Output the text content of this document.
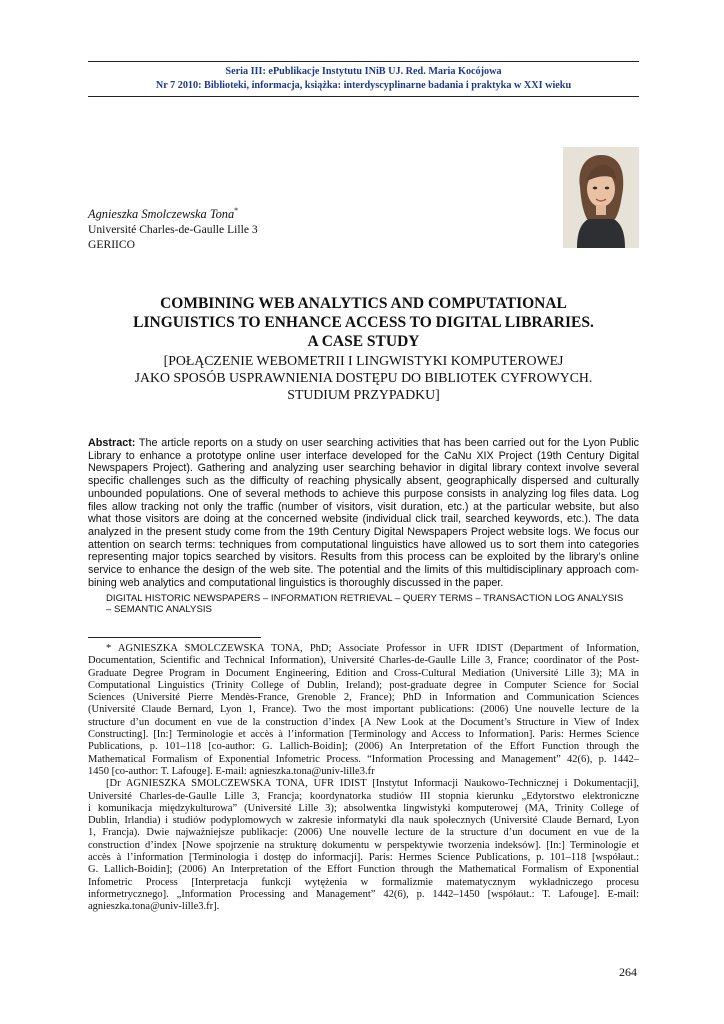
Seria III: ePublikacje Instytutu INiB UJ. Red. Maria Kocójowa
Nr 7 2010: Biblioteki, informacja, książka: interdyscyplinarne badania i praktyka w XXI wieku
Agnieszka Smolczewska Tona*
Université Charles-de-Gaulle Lille 3
GERIICO
COMBINING WEB ANALYTICS AND COMPUTATIONAL
LINGUISTICS TO ENHANCE ACCESS TO DIGITAL LIBRARIES.
A CASE STUDY
[POŁĄCZENIE WEBOMETRII I LINGWISTYKI KOMPUTEROWEJ
JAKO SPOSÓB USPRAWNIENIA DOSTĘPU DO BIBLIOTEK CYFROWYCH.
STUDIUM PRZYPADKU]
Abstract: The article reports on a study on user searching activities that has been carried out for the Lyon Public
Library to enhance a prototype online user interface developed for the CaNu XIX Project (19th Century Digital
Newspapers Project). Gathering and analyzing user searching behavior in digital library context involve several
specific challenges such as the difficulty of reaching physically absent, geographically dispersed and culturally
unbounded populations. One of several methods to achieve this purpose consists in analyzing log files data. Log
files allow tracking not only the traffic (number of visitors, visit duration, etc.) at the particular website, but also
what those visitors are doing at the concerned website (individual click trail, searched keywords, etc.). The data
analyzed in the present study come from the 19th Century Digital Newspapers Project website logs. We focus our
attention on search terms: techniques from computational linguistics have allowed us to sort them into categories
representing major topics searched by visitors. Results from this process can be exploited by the library’s online
service to enhance the design of the web site. The potential and the limits of this multidisciplinary approach com-
bining web analytics and computational linguistics is thoroughly discussed in the paper.
DIGITAL HISTORIC NEWSPAPERS – INFORMATION RETRIEVAL – QUERY TERMS – TRANSACTION LOG ANALYSIS
– SEMANTIC ANALYSIS
* AGNIESZKA SMOLCZEWSKA TONA, PhD; Associate Professor in UFR IDIST (Department of Information,
Documentation, Scientific and Technical Information), Université Charles-de-Gaulle Lille 3, France; coordinator of the Post-
Graduate Degree Program in Document Engineering, Edition and Cross-Cultural Mediation (Université Lille 3); MA in
Computational Linguistics (Trinity College of Dublin, Ireland); post-graduate degree in Computer Science for Social
Sciences (Université Pierre Mendès-France, Grenoble 2, France); PhD in Information and Communication Sciences
(Université Claude Bernard, Lyon 1, France). Two the most important publications: (2006) Une nouvelle lecture de la
structure d’un document en vue de la construction d’index [A New Look at the Document’s Structure in View of Index
Constructing]. [In:] Terminologie et accès à l’information [Terminology and Access to Information]. Paris: Hermes Science
Publications, p. 101–118 [co-author: G. Lallich-Boidin]; (2006) An Interpretation of the Effort Function through the
Mathematical Formalism of Exponential Infometric Process. “Information Processing and Management” 42(6), p. 1442–
1450 [co-author: T. Lafouge]. E-mail: agnieszka.tona@univ-lille3.fr
[Dr AGNIESZKA SMOLCZEWSKA TONA, UFR IDIST [Instytut Informacji Naukowo-Technicznej i Dokumentacji],
Université Charles-de-Gaulle Lille 3, Francja; koordynatorka studiów III stopnia kierunku „Edytorstwo elektroniczne
i komunikacja międzykulturowa” (Université Lille 3); absolwentka lingwistyki komputerowej (MA, Trinity College of
Dublin, Irlandia) i studiów podyplomowych w zakresie informatyki dla nauk społecznych (Université Claude Bernard, Lyon
1, Francja). Dwie najważniejsze publikacje: (2006) Une nouvelle lecture de la structure d’un document en vue de la
construction d’index [Nowe spojrzenie na strukturę dokumentu w perspektywie tworzenia indeksów]. [In:] Terminologie et
accès à l’information [Terminologia i dostęp do informacji]. Paris: Hermes Science Publications, p. 101–118 [współaut.:
G. Lallich-Boidin]; (2006) An Interpretation of the Effort Function through the Mathematical Formalism of Exponential
Infometric Process [Interpretacja funkcji wytężenia w formalizmie matematycznym wykładniczego procesu
informetrycznego]. „Information Processing and Management” 42(6), p. 1442–1450 [współaut.: T. Lafouge]. E-mail:
agnieszka.tona@univ-lille3.fr].
264
